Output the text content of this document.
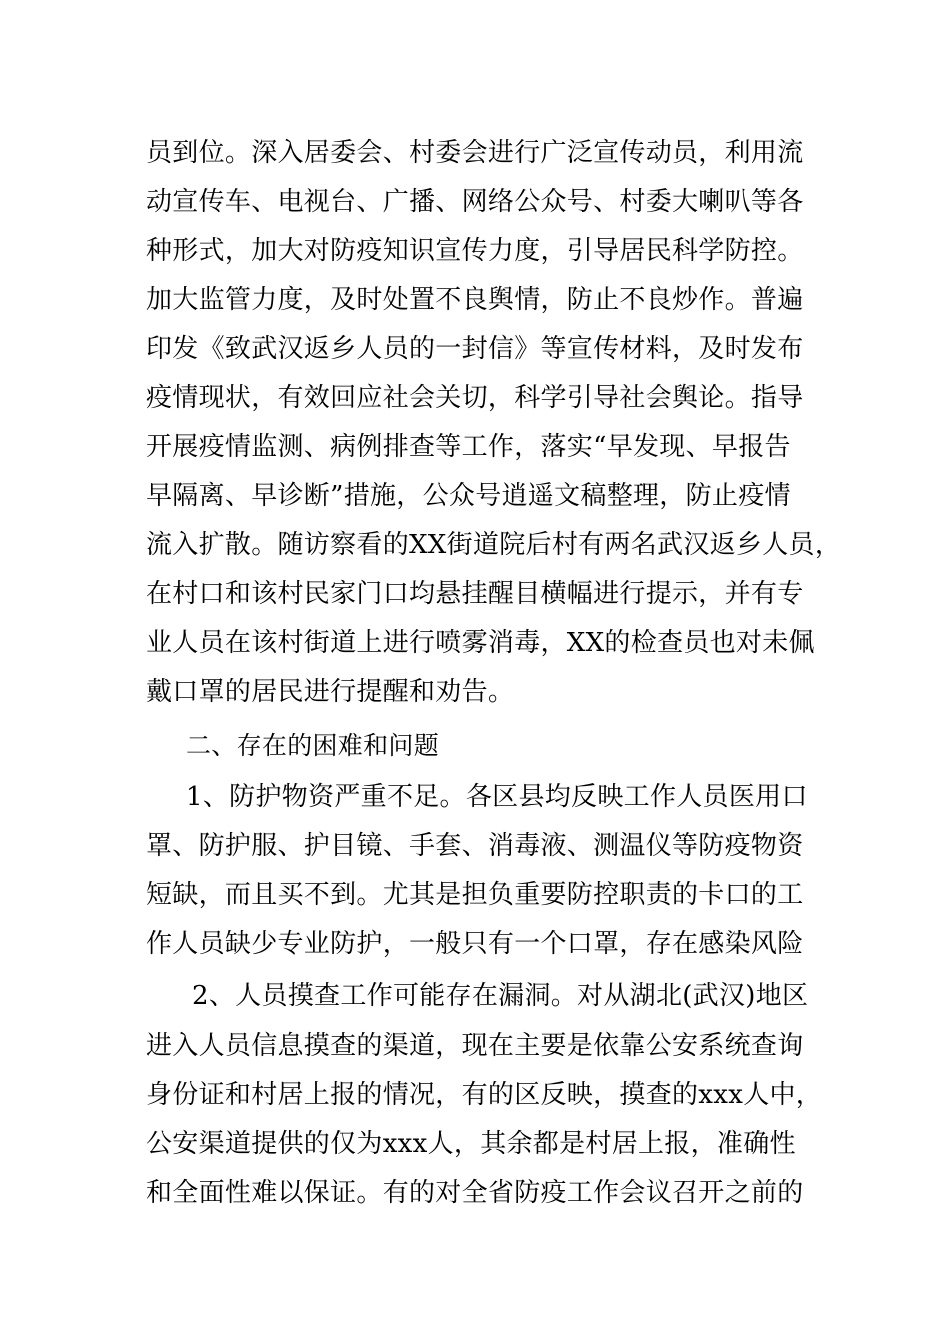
员到位。深入居委会、村委会进行广泛宣传动员，利用流
动宣传车、电视台、广播、网络公众号、村委大喇叭等各
种形式，加大对防疫知识宣传力度，引导居民科学防控。
加大监管力度，及时处置不良舆情，防止不良炒作。普遍
印发《致武汉返乡人员的一封信》等宣传材料，及时发布
疫情现状，有效回应社会关切，科学引导社会舆论。指导
开展疫情监测、病例排查等工作，落实“早发现、早报告
早隔离、早诊断”措施，公众号逍遥文稿整理，防止疫情
流入扩散。随访察看的XX街道院后村有两名武汉返乡人员，
在村口和该村民家门口均悬挂醒目横幅进行提示，并有专
业人员在该村街道上进行喷雾消毒，XX的检查员也对未佩
戴口罩的居民进行提醒和劝告。
二、存在的困难和问题
1、防护物资严重不足。各区县均反映工作人员医用口
罩、防护服、护目镜、手套、消毒液、测温仪等防疫物资
短缺，而且买不到。尤其是担负重要防控职责的卡口的工
作人员缺少专业防护，一般只有一个口罩，存在感染风险
2、人员摸查工作可能存在漏洞。对从湖北(武汉)地区
进入人员信息摸查的渠道，现在主要是依靠公安系统查询
身份证和村居上报的情况，有的区反映，摸查的xxx人中，
公安渠道提供的仅为xxx人，其余都是村居上报，准确性
和全面性难以保证。有的对全省防疫工作会议召开之前的
